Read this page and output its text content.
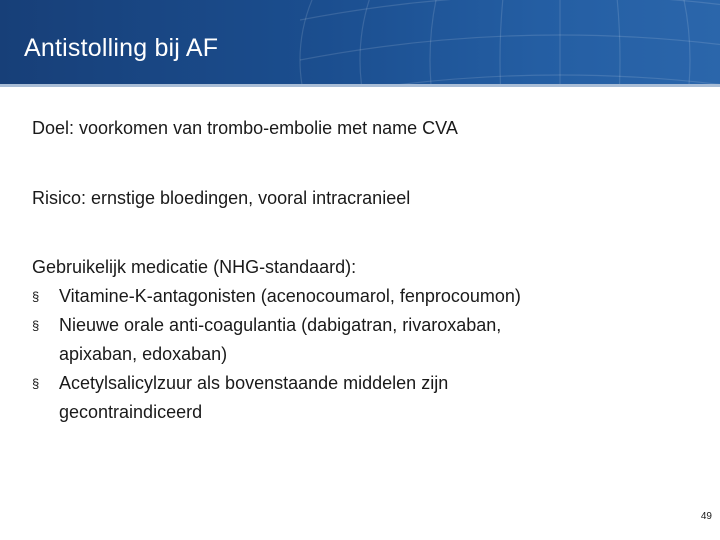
Antistolling bij AF
Doel: voorkomen van trombo-embolie met name CVA
Risico: ernstige bloedingen, vooral intracranieel
Gebruikelijk medicatie (NHG-standaard):
§ Vitamine-K-antagonisten (acenocoumarol, fenprocoumon)
§ Nieuwe orale anti-coagulantia (dabigatran, rivaroxaban,
apixaban, edoxaban)
§ Acetylsalicylzuur als bovenstaande middelen zijn
gecontraindiceerd
49
